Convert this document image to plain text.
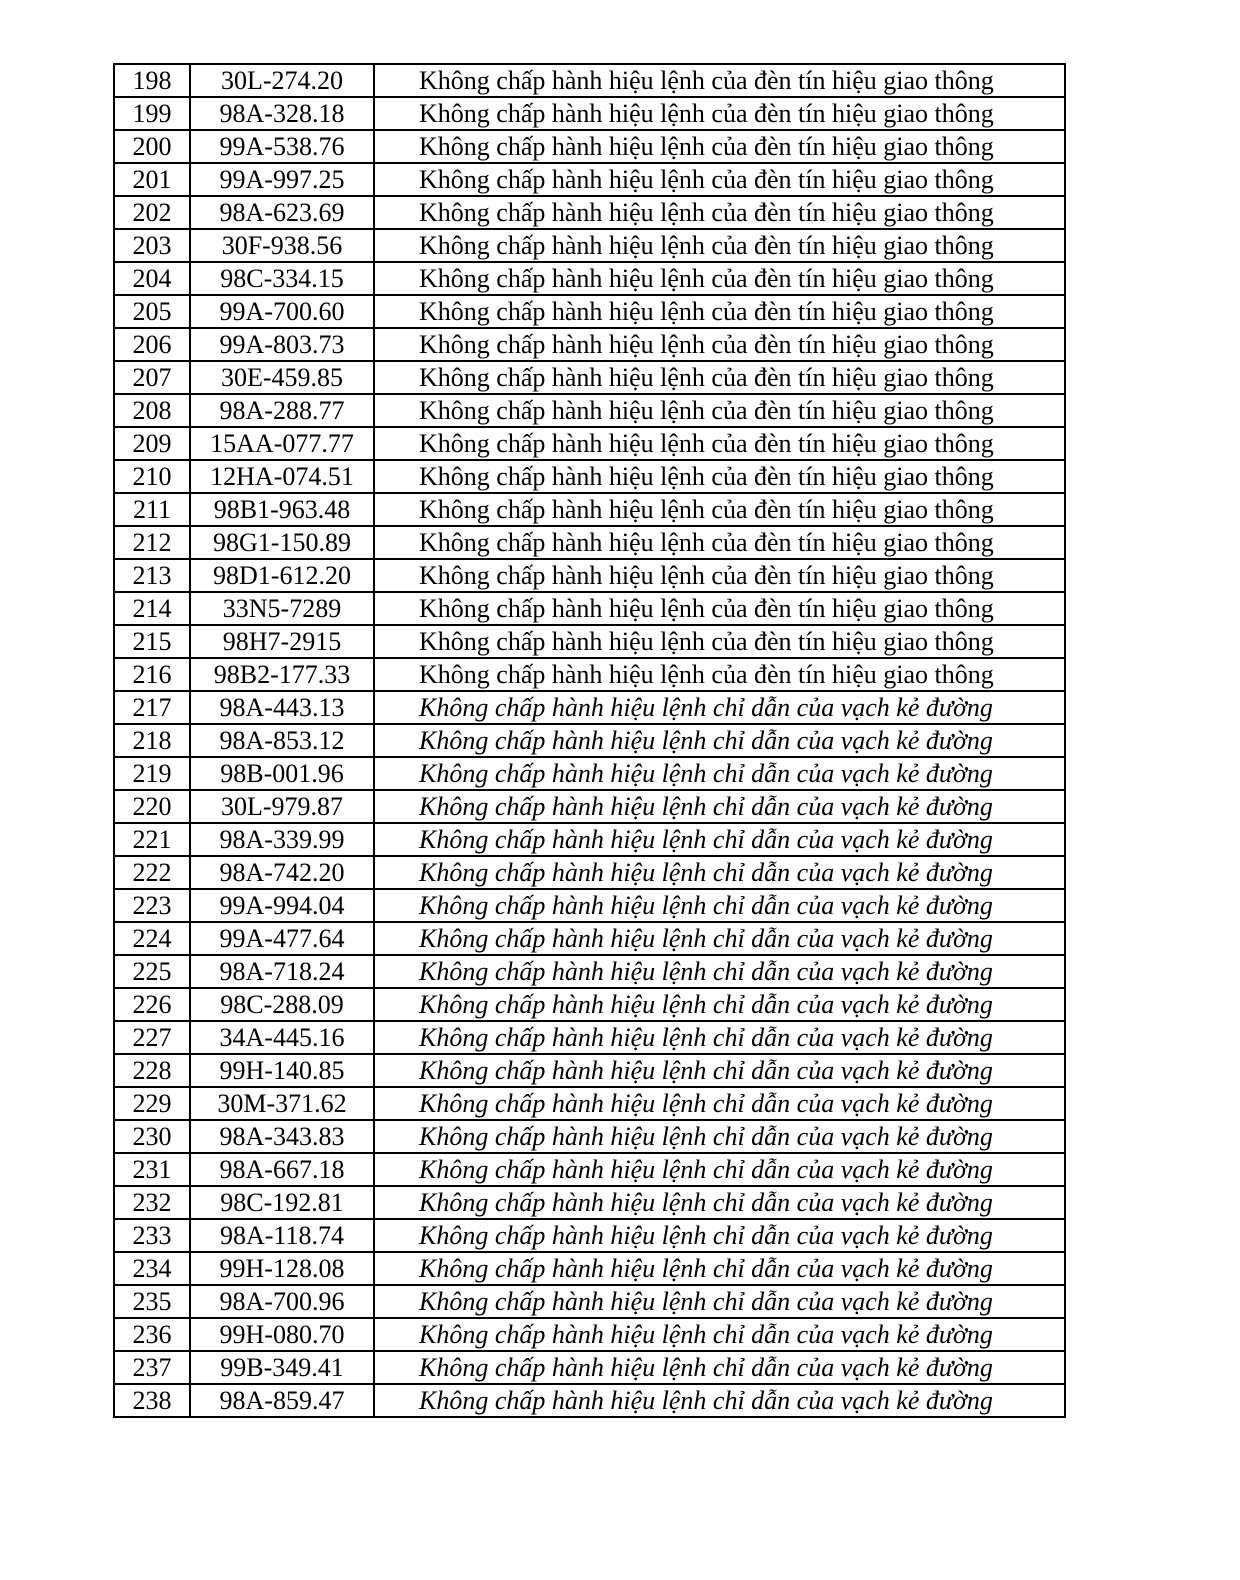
198	30L-274.20	Không chấp hành hiệu lệnh của đèn tín hiệu giao thông
199	98A-328.18	Không chấp hành hiệu lệnh của đèn tín hiệu giao thông
200	99A-538.76	Không chấp hành hiệu lệnh của đèn tín hiệu giao thông
201	99A-997.25	Không chấp hành hiệu lệnh của đèn tín hiệu giao thông
202	98A-623.69	Không chấp hành hiệu lệnh của đèn tín hiệu giao thông
203	30F-938.56	Không chấp hành hiệu lệnh của đèn tín hiệu giao thông
204	98C-334.15	Không chấp hành hiệu lệnh của đèn tín hiệu giao thông
205	99A-700.60	Không chấp hành hiệu lệnh của đèn tín hiệu giao thông
206	99A-803.73	Không chấp hành hiệu lệnh của đèn tín hiệu giao thông
207	30E-459.85	Không chấp hành hiệu lệnh của đèn tín hiệu giao thông
208	98A-288.77	Không chấp hành hiệu lệnh của đèn tín hiệu giao thông
209	15AA-077.77	Không chấp hành hiệu lệnh của đèn tín hiệu giao thông
210	12HA-074.51	Không chấp hành hiệu lệnh của đèn tín hiệu giao thông
211	98B1-963.48	Không chấp hành hiệu lệnh của đèn tín hiệu giao thông
212	98G1-150.89	Không chấp hành hiệu lệnh của đèn tín hiệu giao thông
213	98D1-612.20	Không chấp hành hiệu lệnh của đèn tín hiệu giao thông
214	33N5-7289	Không chấp hành hiệu lệnh của đèn tín hiệu giao thông
215	98H7-2915	Không chấp hành hiệu lệnh của đèn tín hiệu giao thông
216	98B2-177.33	Không chấp hành hiệu lệnh của đèn tín hiệu giao thông
217	98A-443.13	Không chấp hành hiệu lệnh chỉ dẫn của vạch kẻ đường
218	98A-853.12	Không chấp hành hiệu lệnh chỉ dẫn của vạch kẻ đường
219	98B-001.96	Không chấp hành hiệu lệnh chỉ dẫn của vạch kẻ đường
220	30L-979.87	Không chấp hành hiệu lệnh chỉ dẫn của vạch kẻ đường
221	98A-339.99	Không chấp hành hiệu lệnh chỉ dẫn của vạch kẻ đường
222	98A-742.20	Không chấp hành hiệu lệnh chỉ dẫn của vạch kẻ đường
223	99A-994.04	Không chấp hành hiệu lệnh chỉ dẫn của vạch kẻ đường
224	99A-477.64	Không chấp hành hiệu lệnh chỉ dẫn của vạch kẻ đường
225	98A-718.24	Không chấp hành hiệu lệnh chỉ dẫn của vạch kẻ đường
226	98C-288.09	Không chấp hành hiệu lệnh chỉ dẫn của vạch kẻ đường
227	34A-445.16	Không chấp hành hiệu lệnh chỉ dẫn của vạch kẻ đường
228	99H-140.85	Không chấp hành hiệu lệnh chỉ dẫn của vạch kẻ đường
229	30M-371.62	Không chấp hành hiệu lệnh chỉ dẫn của vạch kẻ đường
230	98A-343.83	Không chấp hành hiệu lệnh chỉ dẫn của vạch kẻ đường
231	98A-667.18	Không chấp hành hiệu lệnh chỉ dẫn của vạch kẻ đường
232	98C-192.81	Không chấp hành hiệu lệnh chỉ dẫn của vạch kẻ đường
233	98A-118.74	Không chấp hành hiệu lệnh chỉ dẫn của vạch kẻ đường
234	99H-128.08	Không chấp hành hiệu lệnh chỉ dẫn của vạch kẻ đường
235	98A-700.96	Không chấp hành hiệu lệnh chỉ dẫn của vạch kẻ đường
236	99H-080.70	Không chấp hành hiệu lệnh chỉ dẫn của vạch kẻ đường
237	99B-349.41	Không chấp hành hiệu lệnh chỉ dẫn của vạch kẻ đường
238	98A-859.47	Không chấp hành hiệu lệnh chỉ dẫn của vạch kẻ đường
